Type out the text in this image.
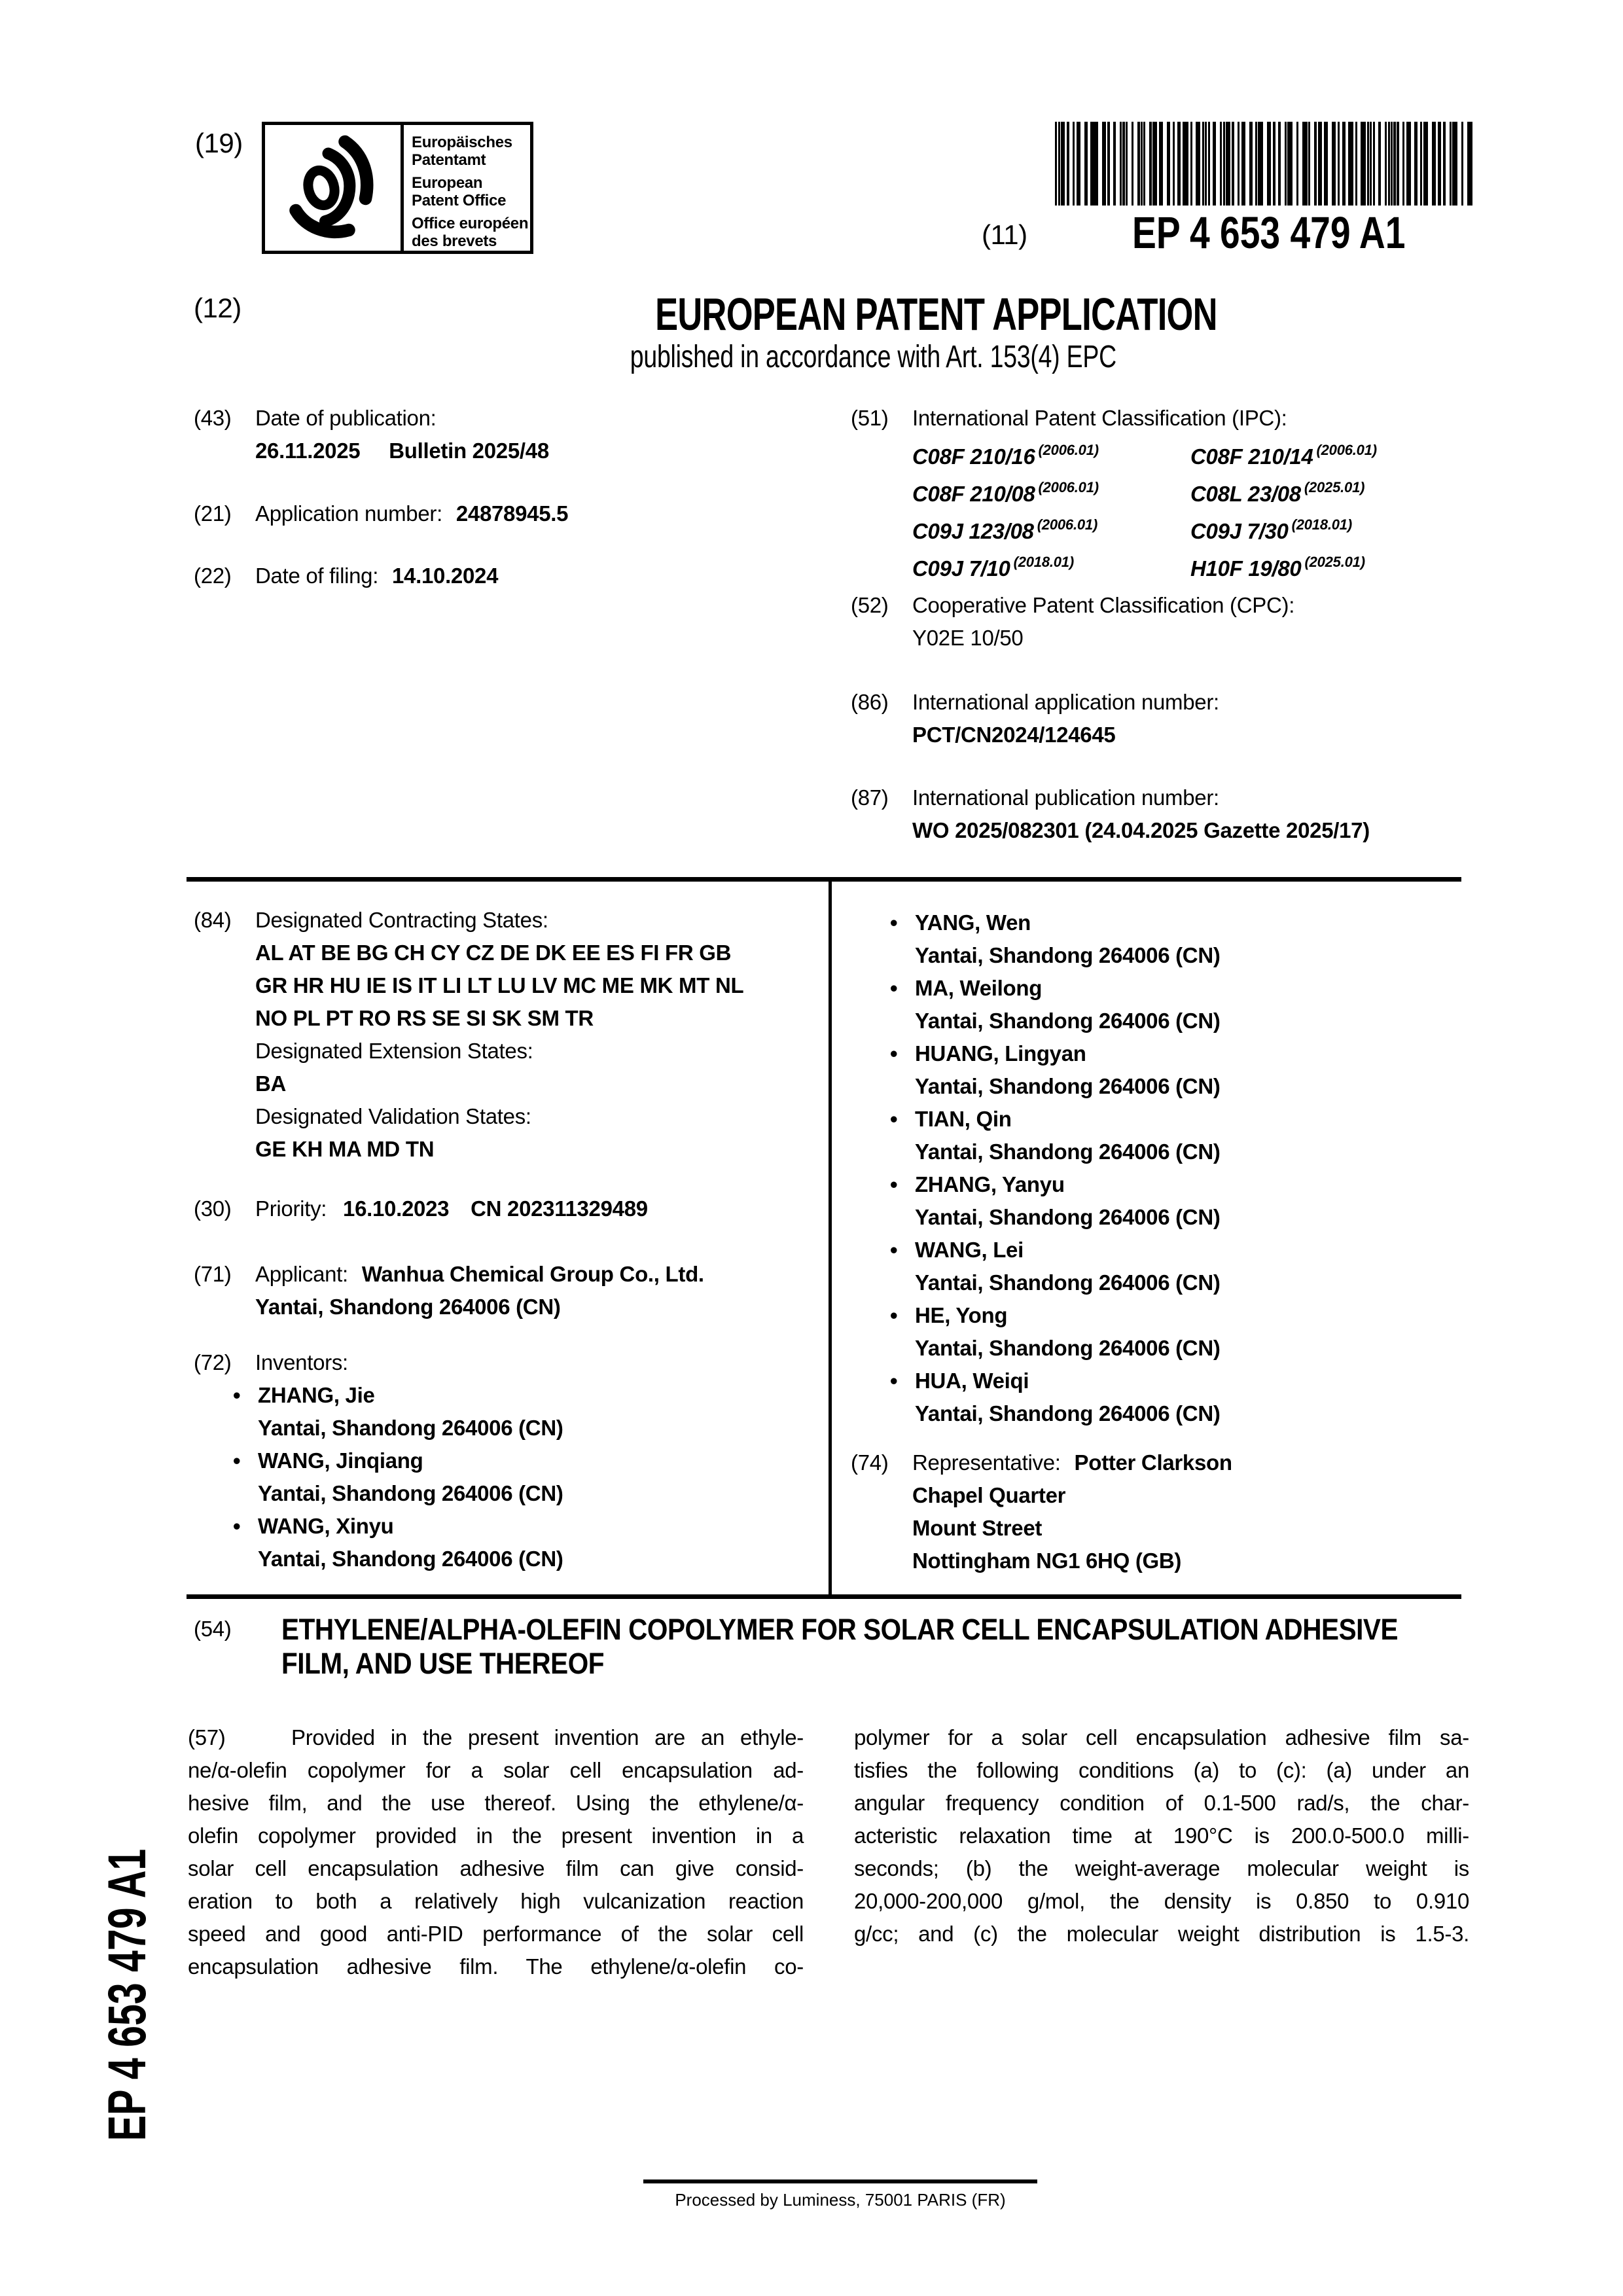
(19)	Europäisches
Patentamt
European
Patent Office
Office européen
des brevets	(11) EP 4 653 479 A1
(12)	EUROPEAN PATENT APPLICATION
published in accordance with Art. 153(4) EPC
(43)	Date of publication:
26.11.2025 Bulletin 2025/48
(21)	Application number: 24878945.5
(22)	Date of filing: 14.10.2024
(51)	International Patent Classification (IPC):
C08F 210/16 $^{(2006.01)}$	C08F 210/14 $^{(2006.01)}$
C08F 210/08 $^{(2006.01)}$	C08L 23/08 $^{(2025.01)}$
C09J 123/08 $^{(2006.01)}$	C09J 7/30 $^{(2018.01)}$
C09J 7/10 $^{(2018.01)}$	H10F 19/80 $^{(2025.01)}$
(52)	Cooperative Patent Classification (CPC):
Y02E 10/50
(86)	International application number:
PCT/CN2024/124645
(87)	International publication number:
WO 2025/082301 (24.04.2025 Gazette 2025/17)
(84)	Designated Contracting States:
AL AT BE BG CH CY CZ DE DK EE ES FI FR GB
GR HR HU IE IS IT LI LT LU LV MC ME MK MT NL
NO PL PT RO RS SE SI SK SM TR
Designated Extension States:
BA
Designated Validation States:
GE KH MA MD TN
(30)	Priority: 16.10.2023 CN 202311329489
(71)	Applicant: Wanhua Chemical Group Co., Ltd.
Yantai, Shandong 264006 (CN)
(72)	Inventors:
• ZHANG, Jie
Yantai, Shandong 264006 (CN)
• WANG, Jinqiang
Yantai, Shandong 264006 (CN)
• WANG, Xinyu
Yantai, Shandong 264006 (CN)
• YANG, Wen
Yantai, Shandong 264006 (CN)
• MA, Weilong
Yantai, Shandong 264006 (CN)
• HUANG, Lingyan
Yantai, Shandong 264006 (CN)
• TIAN, Qin
Yantai, Shandong 264006 (CN)
• ZHANG, Yanyu
Yantai, Shandong 264006 (CN)
• WANG, Lei
Yantai, Shandong 264006 (CN)
• HE, Yong
Yantai, Shandong 264006 (CN)
• HUA, Weiqi
Yantai, Shandong 264006 (CN)
(74)	Representative: Potter Clarkson
Chapel Quarter
Mount Street
Nottingham NG1 6HQ (GB)
(54)	ETHYLENE/ALPHA-OLEFIN COPOLYMER FOR SOLAR CELL ENCAPSULATION ADHESIVE
FILM, AND USE THEREOF
(57)	Provided in the present invention are an ethyle-
ne/α-olefin copolymer for a solar cell encapsulation ad-
hesive film, and the use thereof. Using the ethylene/α-
olefin copolymer provided in the present invention in a
solar cell encapsulation adhesive film can give consid-
eration to both a relatively high vulcanization reaction
speed and good anti-PID performance of the solar cell
encapsulation adhesive film. The ethylene/α-olefin co-
polymer for a solar cell encapsulation adhesive film sa-
tisfies the following conditions (a) to (c): (a) under an
angular frequency condition of 0.1-500 rad/s, the char-
acteristic relaxation time at 190°C is 200.0-500.0 milli-
seconds; (b) the weight-average molecular weight is
20,000-200,000 g/mol, the density is 0.850 to 0.910
g/cc; and (c) the molecular weight distribution is 1.5-3.
EP 4 653 479 A1
Processed by Luminess, 75001 PARIS (FR)
